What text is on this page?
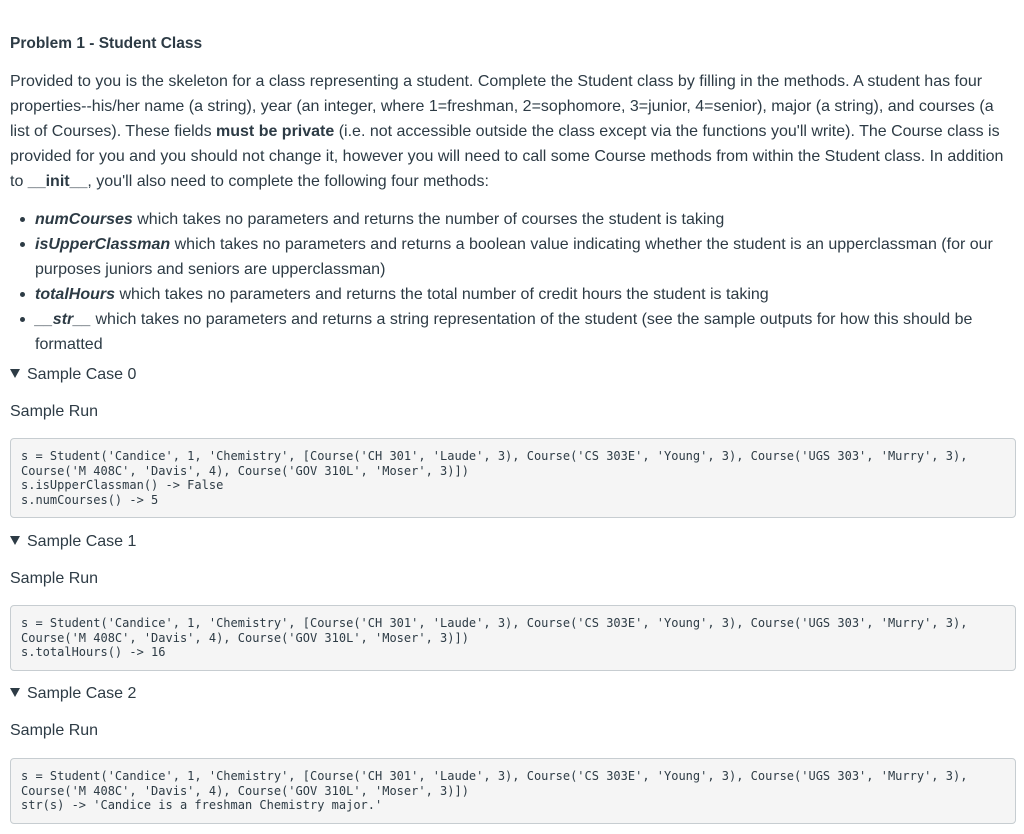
Problem 1 - Student Class
Provided to you is the skeleton for a class representing a student. Complete the Student class by filling in the methods. A student has four properties--his/her name (a string), year (an integer, where 1=freshman, 2=sophomore, 3=junior, 4=senior), major (a string), and courses (a list of Courses). These fields must be private (i.e. not accessible outside the class except via the functions you'll write). The Course class is provided for you and you should not change it, however you will need to call some Course methods from within the Student class. In addition to __init__, you'll also need to complete the following four methods:
numCourses which takes no parameters and returns the number of courses the student is taking
isUpperClassman which takes no parameters and returns a boolean value indicating whether the student is an upperclassman (for our purposes juniors and seniors are upperclassman)
totalHours which takes no parameters and returns the total number of credit hours the student is taking
__str__ which takes no parameters and returns a string representation of the student (see the sample outputs for how this should be formatted
Sample Case 0
Sample Run
s = Student('Candice', 1, 'Chemistry', [Course('CH 301', 'Laude', 3), Course('CS 303E', 'Young', 3), Course('UGS 303', 'Murry', 3),
Course('M 408C', 'Davis', 4), Course('GOV 310L', 'Moser', 3)])
s.isUpperClassman() -> False
s.numCourses() -> 5
Sample Case 1
Sample Run
s = Student('Candice', 1, 'Chemistry', [Course('CH 301', 'Laude', 3), Course('CS 303E', 'Young', 3), Course('UGS 303', 'Murry', 3),
Course('M 408C', 'Davis', 4), Course('GOV 310L', 'Moser', 3)])
s.totalHours() -> 16
Sample Case 2
Sample Run
s = Student('Candice', 1, 'Chemistry', [Course('CH 301', 'Laude', 3), Course('CS 303E', 'Young', 3), Course('UGS 303', 'Murry', 3),
Course('M 408C', 'Davis', 4), Course('GOV 310L', 'Moser', 3)])
str(s) -> 'Candice is a freshman Chemistry major.'
